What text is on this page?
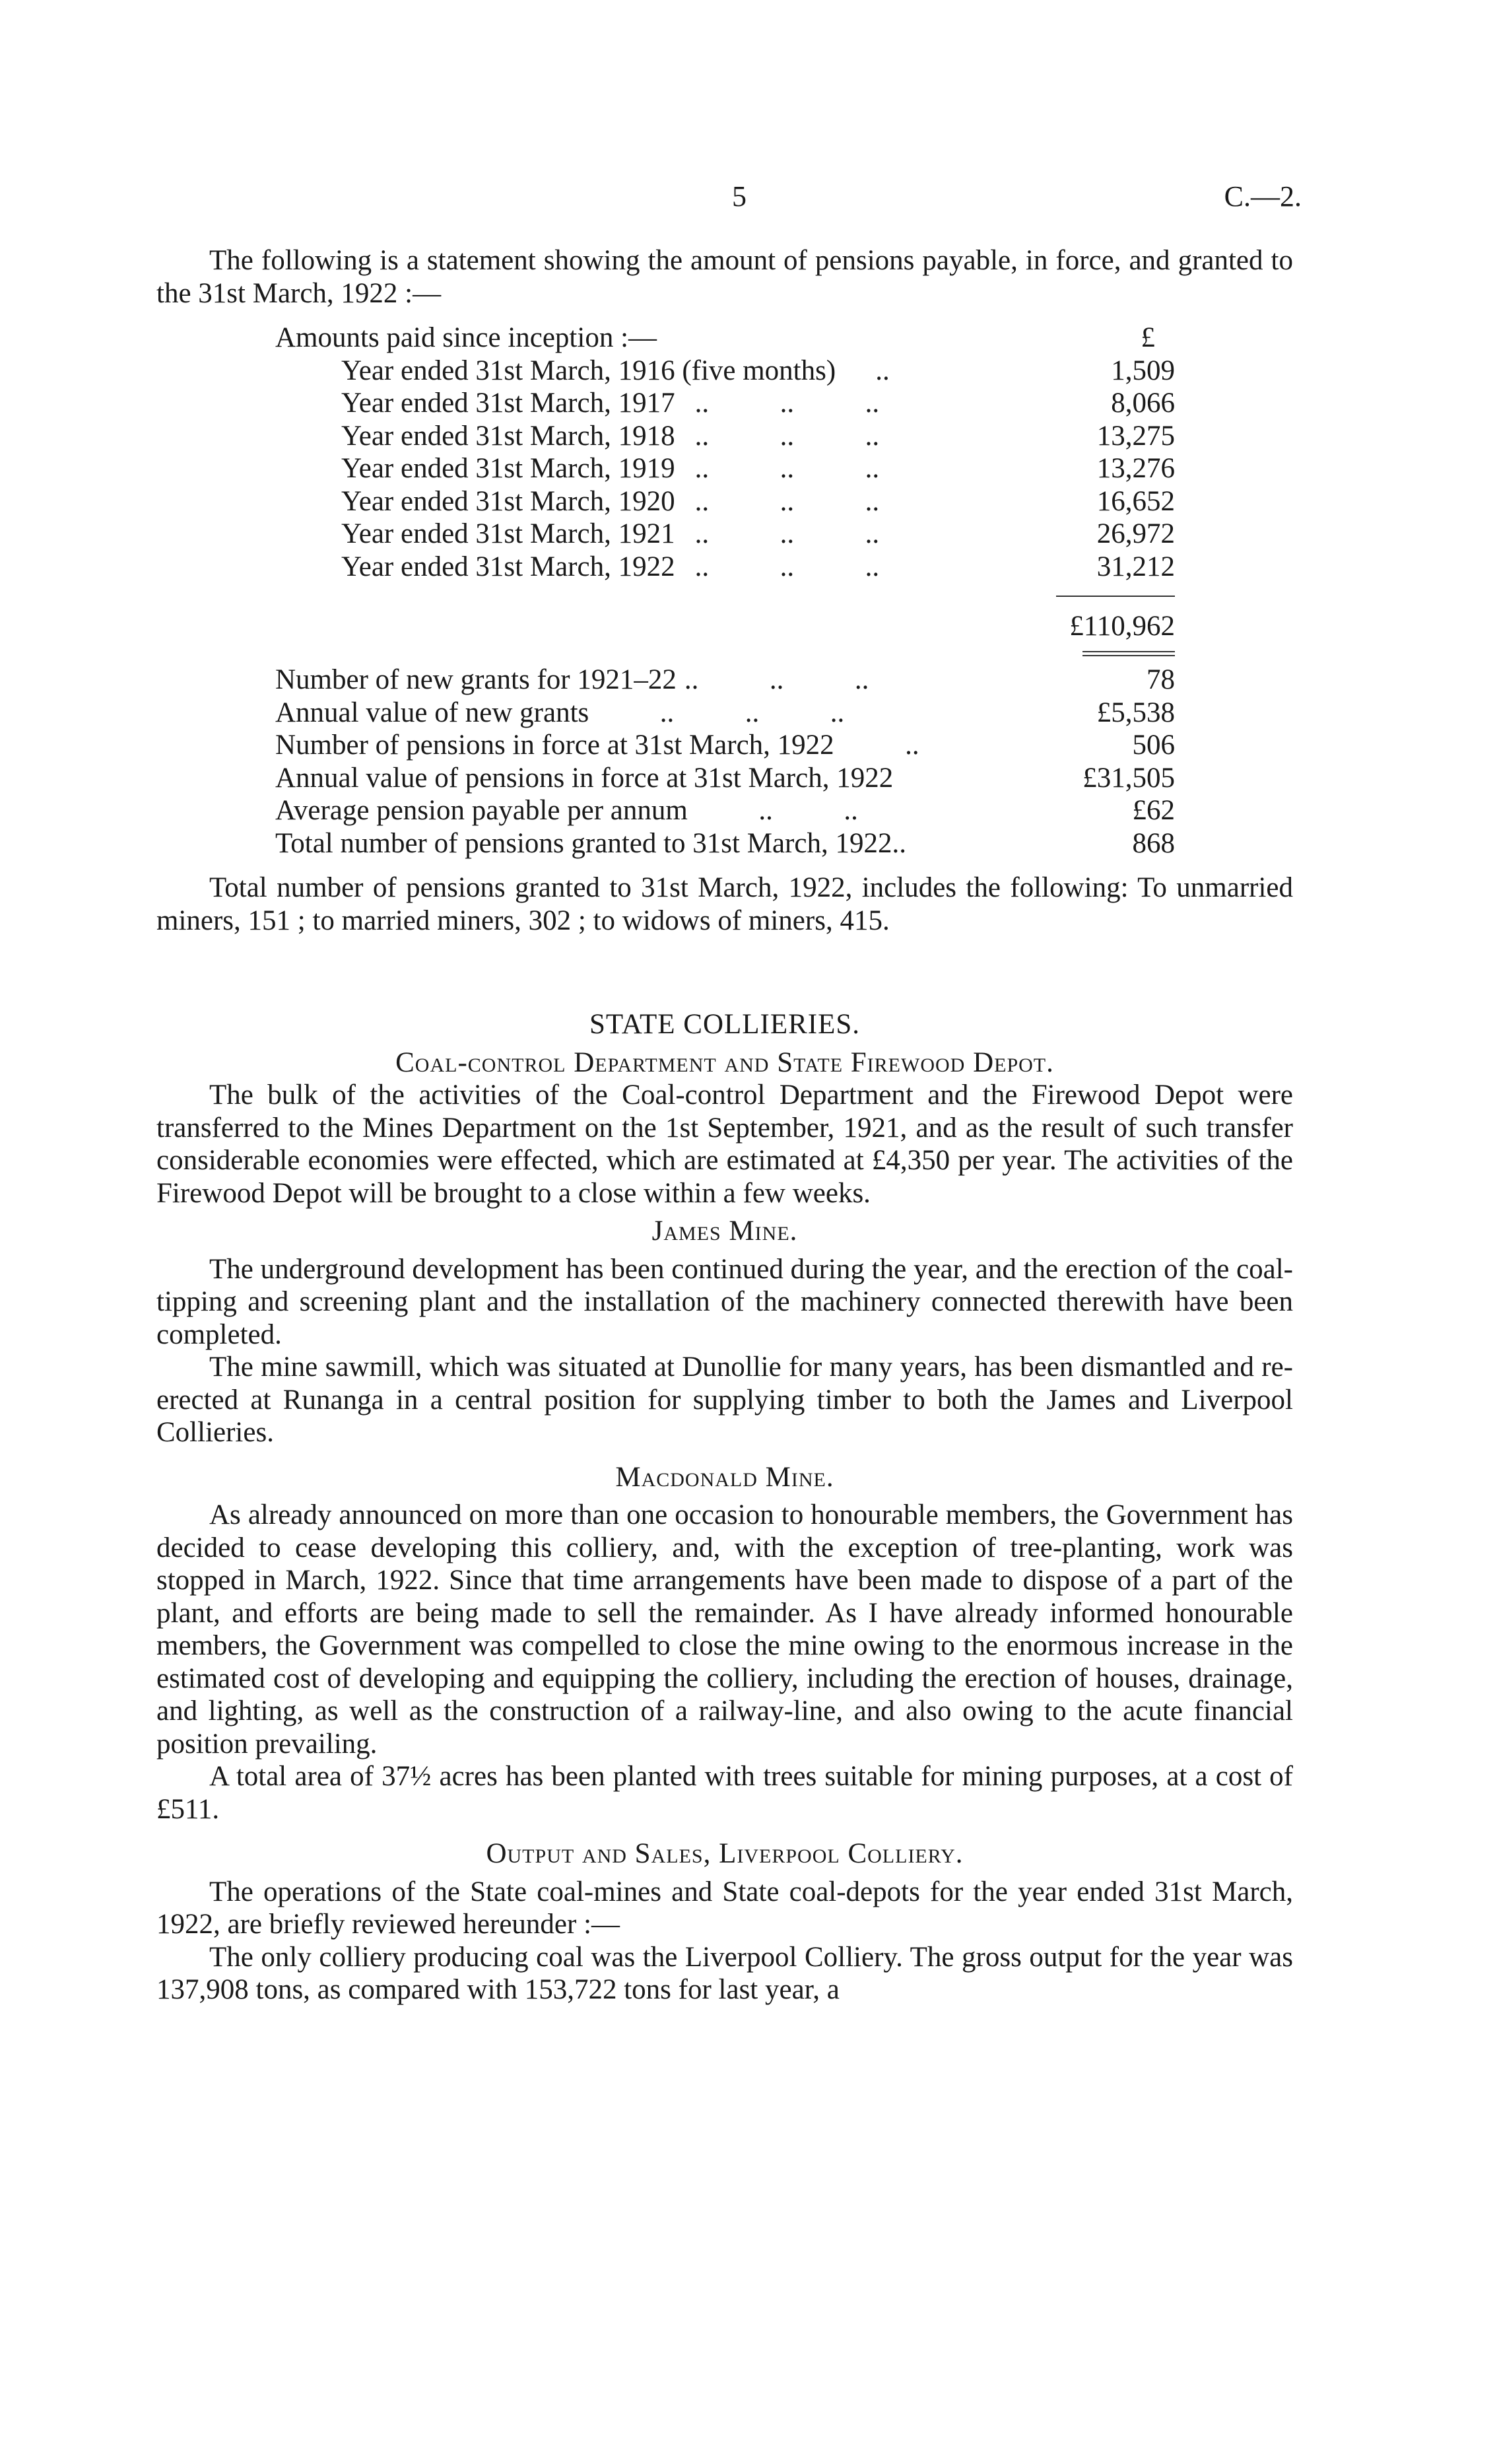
5	C.—2.

The following is a statement showing the amount of pensions payable, in force, and granted to the 31st March, 1922 :—

Amounts paid since inception :—	£
Year ended 31st March, 1916 (five months) ..	1,509
Year ended 31st March, 1917 ..          ..          ..	8,066
Year ended 31st March, 1918 ..          ..          ..	13,275
Year ended 31st March, 1919 ..          ..          ..	13,276
Year ended 31st March, 1920 ..          ..          ..	16,652
Year ended 31st March, 1921 ..          ..          ..	26,972
Year ended 31st March, 1922 ..          ..          ..	31,212
£110,962
Number of new grants for 1921–22 ..          ..          ..	78
Annual value of new grants          ..          ..          ..	£5,538
Number of pensions in force at 31st March, 1922          ..	506
Annual value of pensions in force at 31st March, 1922	£31,505
Average pension payable per annum          ..          ..	£62
Total number of pensions granted to 31st March, 1922..	868

Total number of pensions granted to 31st March, 1922, includes the following: To unmarried miners, 151 ; to married miners, 302 ; to widows of miners, 415.

STATE COLLIERIES.
Coal-control Department and State Firewood Depot.

The bulk of the activities of the Coal-control Department and the Firewood Depot were transferred to the Mines Department on the 1st September, 1921, and as the result of such transfer considerable economies were effected, which are estimated at £4,350 per year. The activities of the Firewood Depot will be brought to a close within a few weeks.

James Mine.

The underground development has been continued during the year, and the erection of the coal-tipping and screening plant and the installation of the machinery connected therewith have been completed.

The mine sawmill, which was situated at Dunollie for many years, has been dismantled and re-erected at Runanga in a central position for supplying timber to both the James and Liverpool Collieries.

Macdonald Mine.

As already announced on more than one occasion to honourable members, the Government has decided to cease developing this colliery, and, with the exception of tree-planting, work was stopped in March, 1922. Since that time arrangements have been made to dispose of a part of the plant, and efforts are being made to sell the remainder. As I have already informed honourable members, the Government was compelled to close the mine owing to the enormous increase in the estimated cost of developing and equipping the colliery, including the erection of houses, drainage, and lighting, as well as the construction of a railway-line, and also owing to the acute financial position prevailing.

A total area of 37½ acres has been planted with trees suitable for mining purposes, at a cost of £511.

Output and Sales, Liverpool Colliery.

The operations of the State coal-mines and State coal-depots for the year ended 31st March, 1922, are briefly reviewed hereunder :—

The only colliery producing coal was the Liverpool Colliery. The gross output for the year was 137,908 tons, as compared with 153,722 tons for last year, a
